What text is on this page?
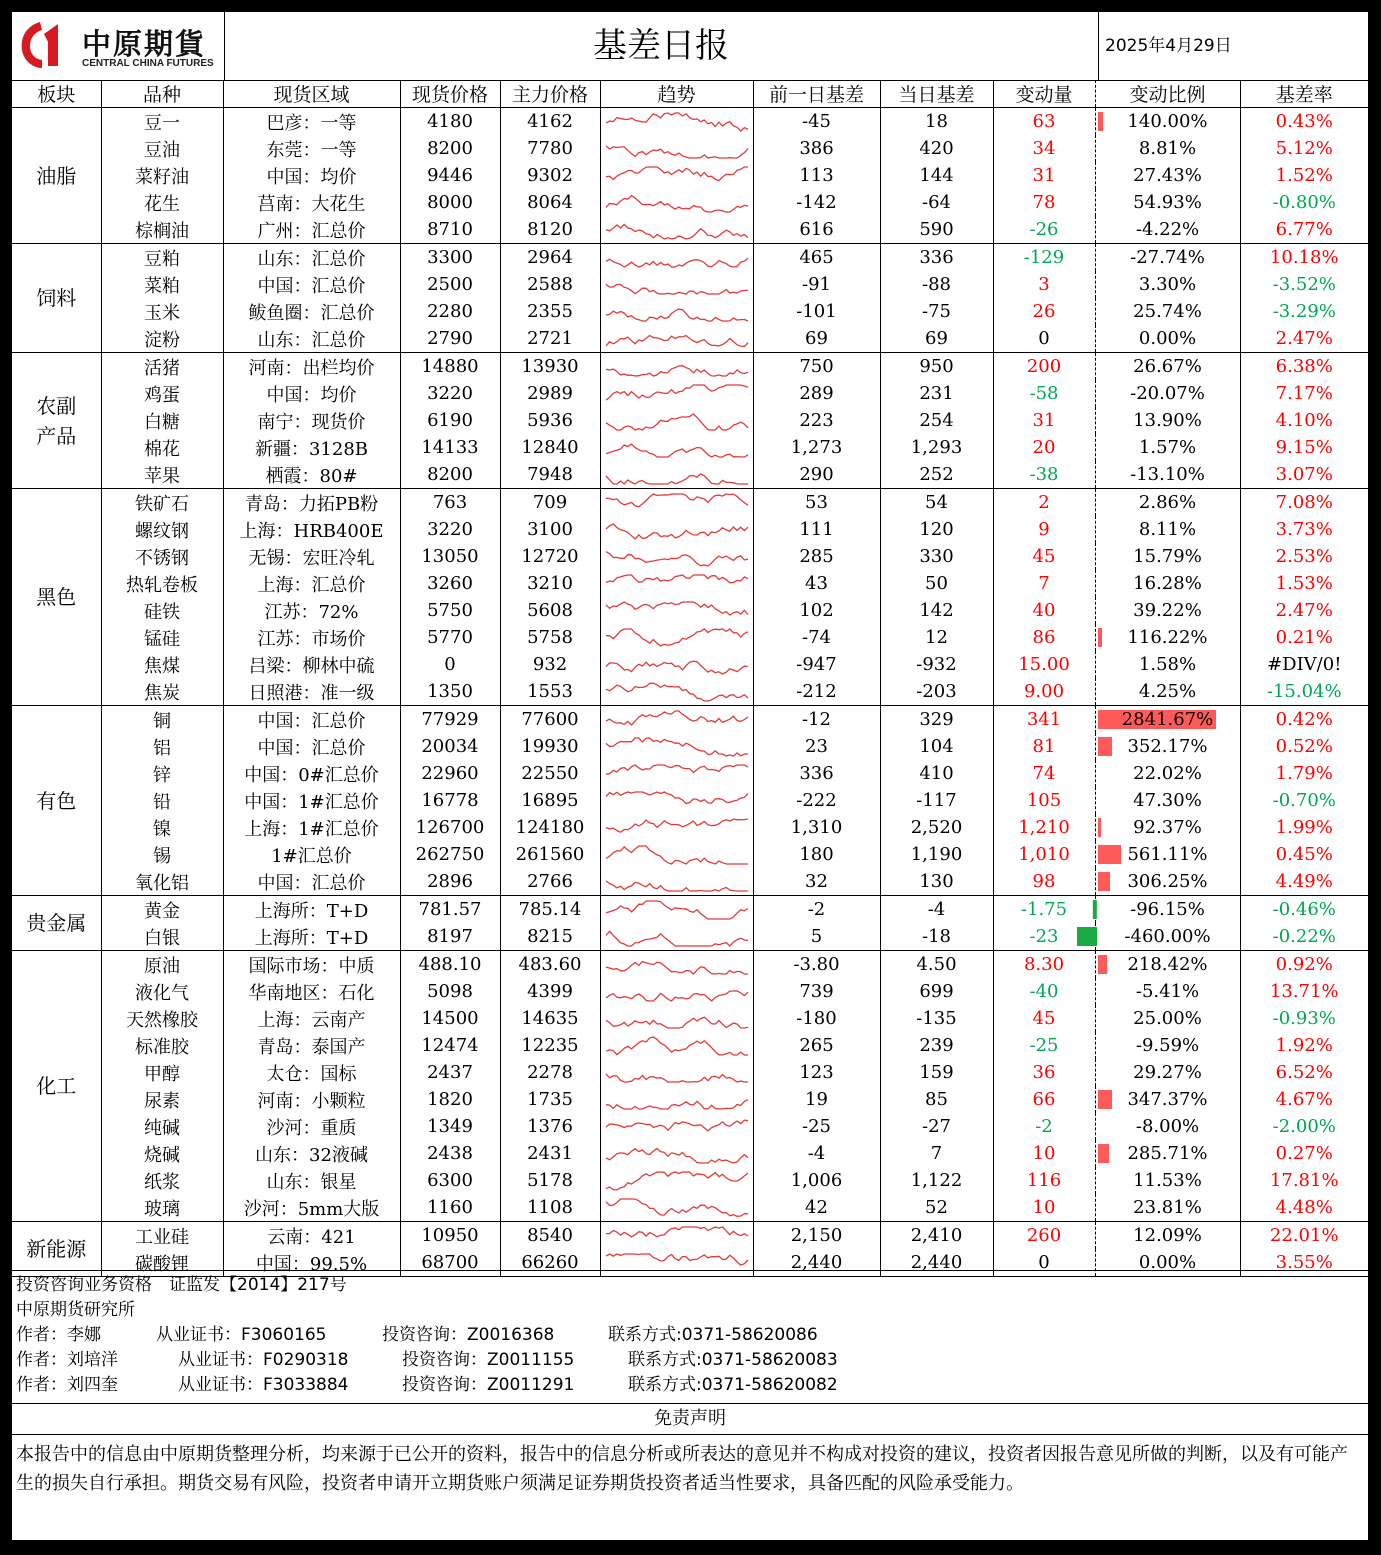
中原期貨
CENTRAL CHINA FUTURES	基差日报	2025年4月29日
板块	品种	现货区域	现货价格	主力价格	趋势	前一日基差	当日基差	变动量	变动比例	基差率
油脂	豆一	巴彦：一等	4180	4162		-45	18	63	140.00%	0.43%
	豆油	东莞：一等	8200	7780		386	420	34	8.81%	5.12%
	菜籽油	中国：均价	9446	9302		113	144	31	27.43%	1.52%
	花生	莒南：大花生	8000	8064		-142	-64	78	54.93%	-0.80%
	棕榈油	广州：汇总价	8710	8120		616	590	-26	-4.22%	6.77%
饲料	豆粕	山东：汇总价	3300	2964		465	336	-129	-27.74%	10.18%
	菜粕	中国：汇总价	2500	2588		-91	-88	3	3.30%	-3.52%
	玉米	鲅鱼圈：汇总价	2280	2355		-101	-75	26	25.74%	-3.29%
	淀粉	山东：汇总价	2790	2721		69	69	0	0.00%	2.47%
农副产品	活猪	河南：出栏均价	14880	13930		750	950	200	26.67%	6.38%
	鸡蛋	中国：均价	3220	2989		289	231	-58	-20.07%	7.17%
	白糖	南宁：现货价	6190	5936		223	254	31	13.90%	4.10%
	棉花	新疆：3128B	14133	12840		1,273	1,293	20	1.57%	9.15%
	苹果	栖霞：80#	8200	7948		290	252	-38	-13.10%	3.07%
黑色	铁矿石	青岛：力拓PB粉	763	709		53	54	2	2.86%	7.08%
	螺纹钢	上海：HRB400E	3220	3100		111	120	9	8.11%	3.73%
	不锈钢	无锡：宏旺冷轧	13050	12720		285	330	45	15.79%	2.53%
	热轧卷板	上海：汇总价	3260	3210		43	50	7	16.28%	1.53%
	硅铁	江苏：72%	5750	5608		102	142	40	39.22%	2.47%
	锰硅	江苏：市场价	5770	5758		-74	12	86	116.22%	0.21%
	焦煤	吕梁：柳林中硫	0	932		-947	-932	15.00	1.58%	#DIV/0!
	焦炭	日照港：准一级	1350	1553		-212	-203	9.00	4.25%	-15.04%
有色	铜	中国：汇总价	77929	77600		-12	329	341	2841.67%	0.42%
	铝	中国：汇总价	20034	19930		23	104	81	352.17%	0.52%
	锌	中国：0#汇总价	22960	22550		336	410	74	22.02%	1.79%
	铅	中国：1#汇总价	16778	16895		-222	-117	105	47.30%	-0.70%
	镍	上海：1#汇总价	126700	124180		1,310	2,520	1,210	92.37%	1.99%
	锡	1#汇总价	262750	261560		180	1,190	1,010	561.11%	0.45%
	氧化铝	中国：汇总价	2896	2766		32	130	98	306.25%	4.49%
贵金属	黄金	上海所：T+D	781.57	785.14		-2	-4	-1.75	-96.15%	-0.46%
	白银	上海所：T+D	8197	8215		5	-18	-23	-460.00%	-0.22%
化工	原油	国际市场：中质	488.10	483.60		-3.80	4.50	8.30	218.42%	0.92%
	液化气	华南地区：石化	5098	4399		739	699	-40	-5.41%	13.71%
	天然橡胶	上海：云南产	14500	14635		-180	-135	45	25.00%	-0.93%
	标准胶	青岛：泰国产	12474	12235		265	239	-25	-9.59%	1.92%
	甲醇	太仓：国标	2437	2278		123	159	36	29.27%	6.52%
	尿素	河南：小颗粒	1820	1735		19	85	66	347.37%	4.67%
	纯碱	沙河：重质	1349	1376		-25	-27	-2	-8.00%	-2.00%
	烧碱	山东：32液碱	2438	2431		-4	7	10	285.71%	0.27%
	纸浆	山东：银星	6300	5178		1,006	1,122	116	11.53%	17.81%
	玻璃	沙河：5mm大版	1160	1108		42	52	10	23.81%	4.48%
新能源	工业硅	云南：421	10950	8540		2,150	2,410	260	12.09%	22.01%
	碳酸锂	中国：99.5%	68700	66260		2,440	2,440	0	0.00%	3.55%
投资咨询业务资格　证监发【2014】217号
中原期货研究所
作者：李娜	从业证书：F3060165	投资咨询：Z0016368	联系方式:0371-58620086
作者：刘培洋	从业证书：F0290318	投资咨询：Z0011155	联系方式:0371-58620083
作者：刘四奎	从业证书：F3033884	投资咨询：Z0011291	联系方式:0371-58620082
免责声明
本报告中的信息由中原期货整理分析，均来源于已公开的资料，报告中的信息分析或所表达的意见并不构成对投资的建议，投资者因报告意见所做的判断，以及有可能产生的损失自行承担。期货交易有风险，投资者申请开立期货账户须满足证券期货投资者适当性要求，具备匹配的风险承受能力。
